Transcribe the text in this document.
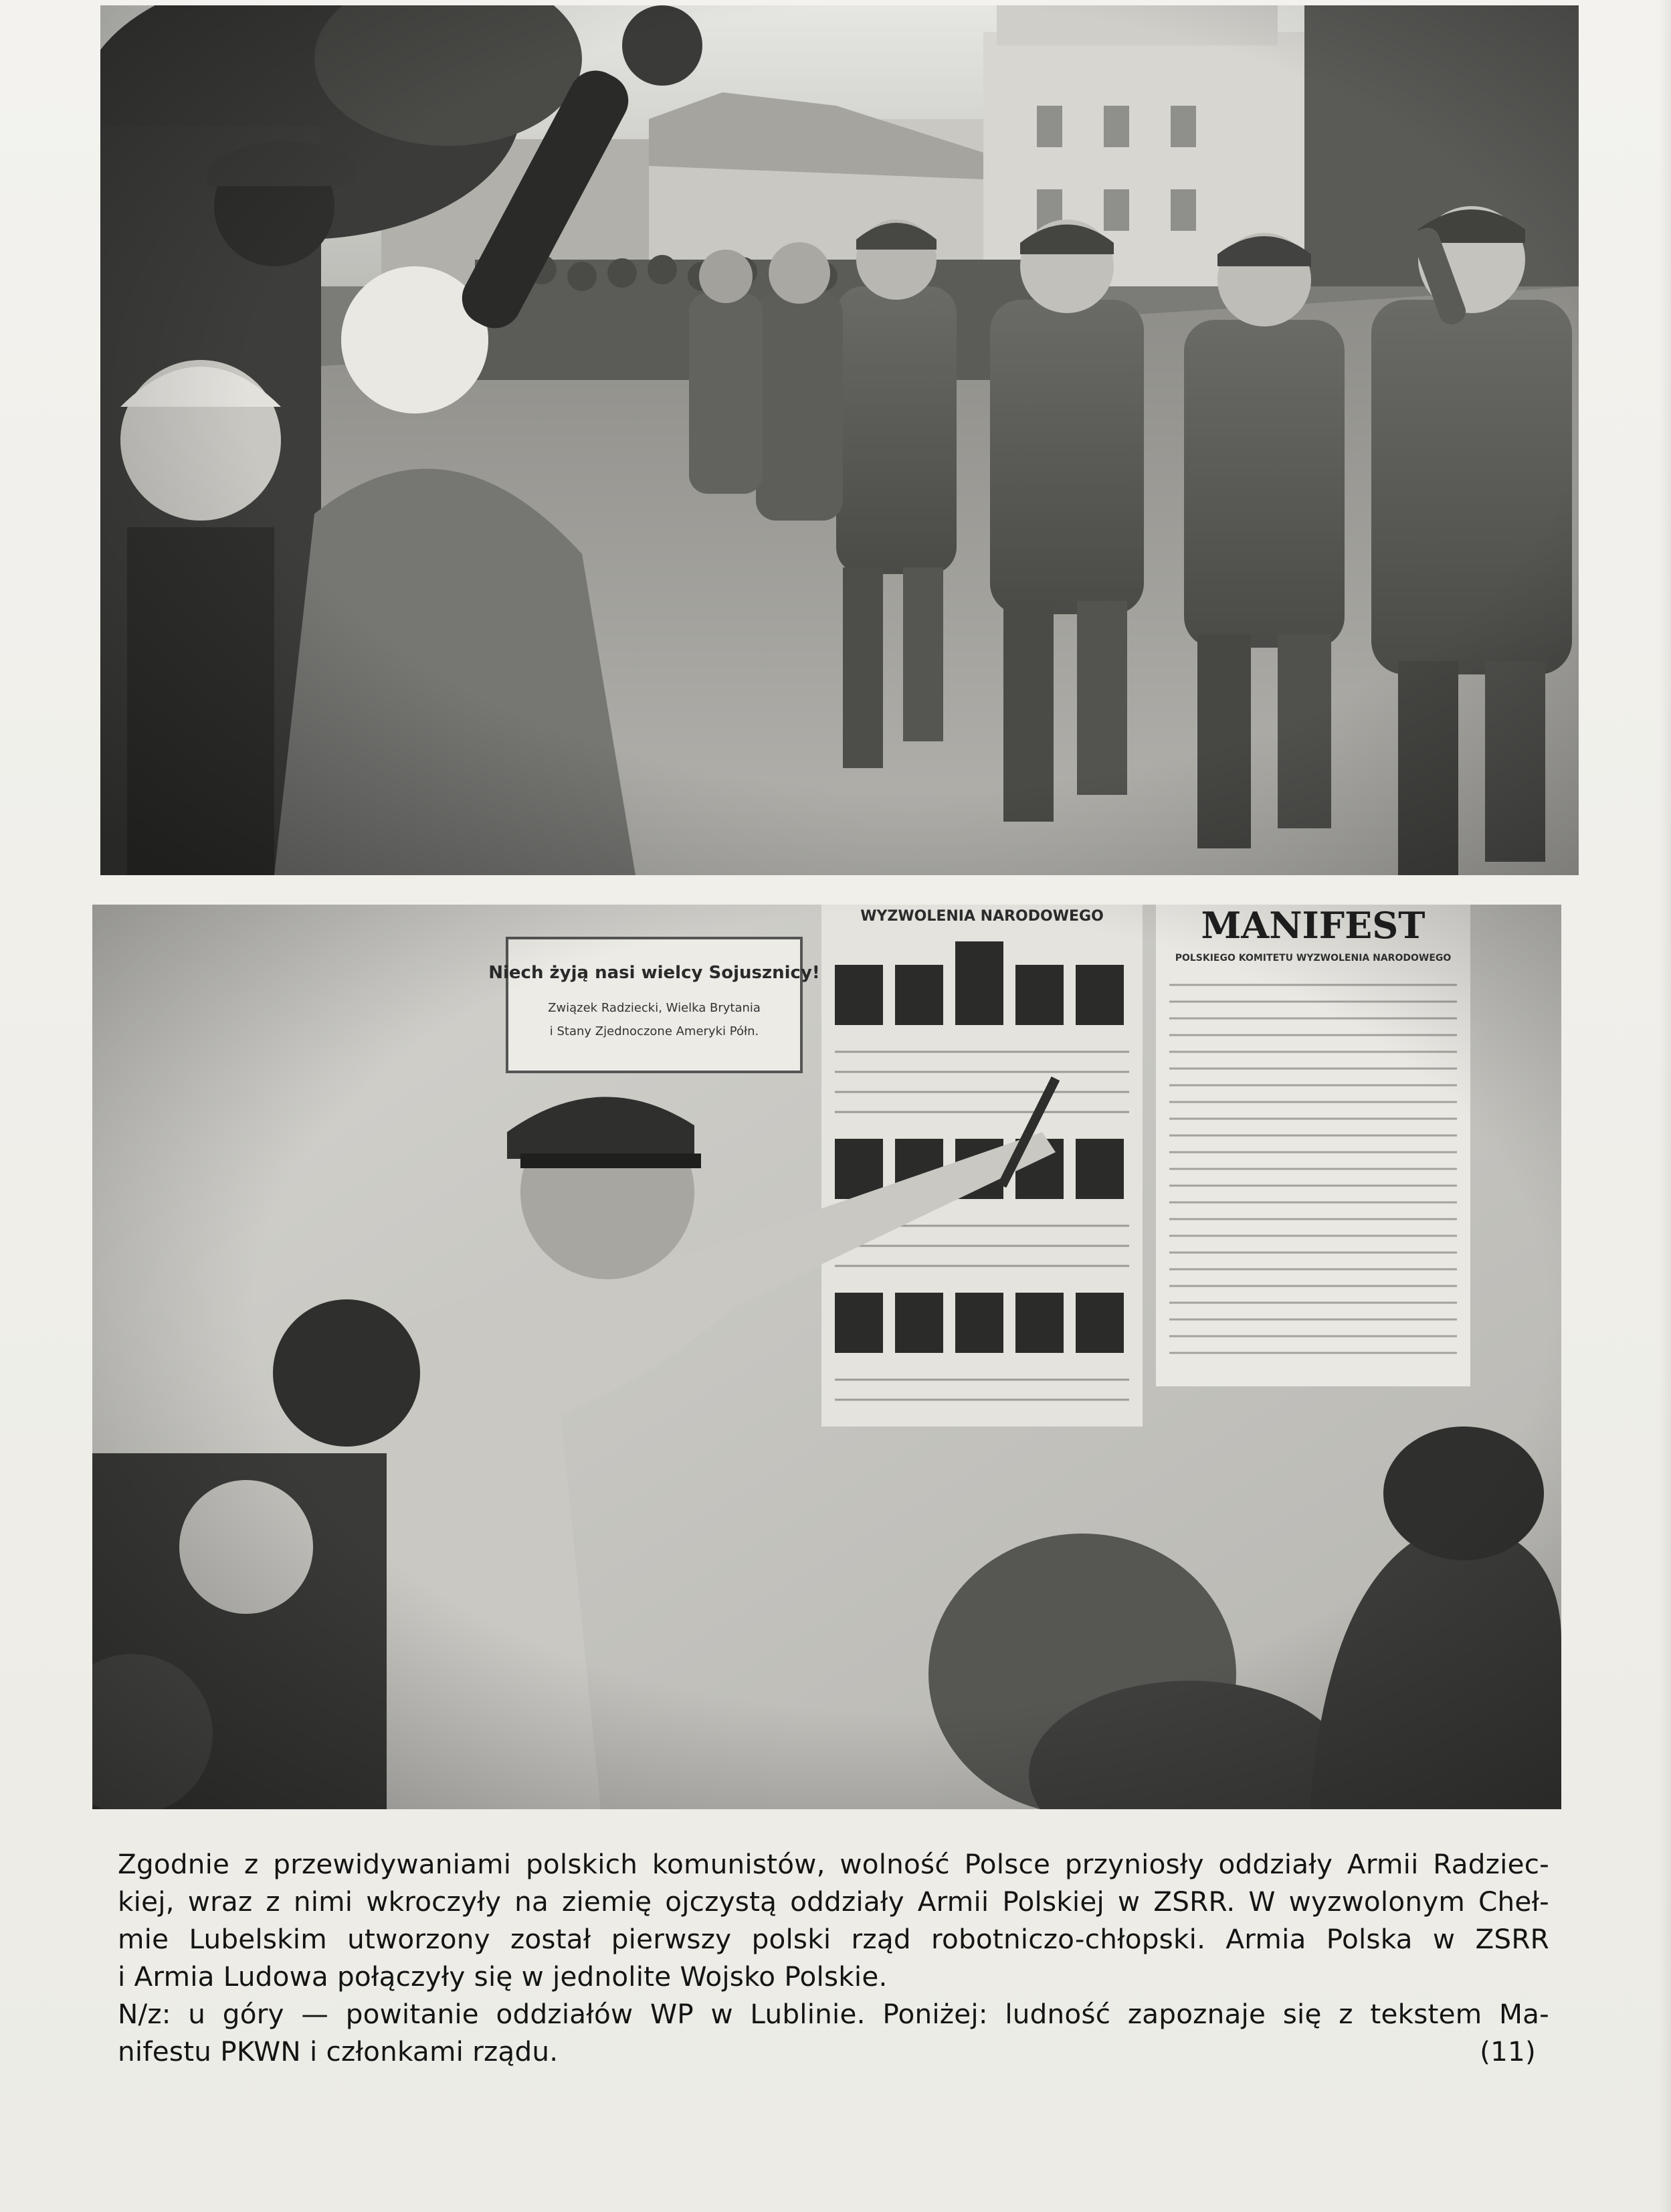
Zgodnie z przewidywaniami polskich komunistów, wolność Polsce przyniosły oddziały Armii Radziec-
kiej, wraz z nimi wkroczyły na ziemię ojczystą oddziały Armii Polskiej w ZSRR. W wyzwolonym Cheł-
mie Lubelskim utworzony został pierwszy polski rząd robotniczo-chłopski. Armia Polska w ZSRR
i Armia Ludowa połączyły się w jednolite Wojsko Polskie.
N/z: u góry — powitanie oddziałów WP w Lublinie. Poniżej: ludność zapoznaje się z tekstem Ma-
nifestu PKWN i członkami rządu.	(11)
